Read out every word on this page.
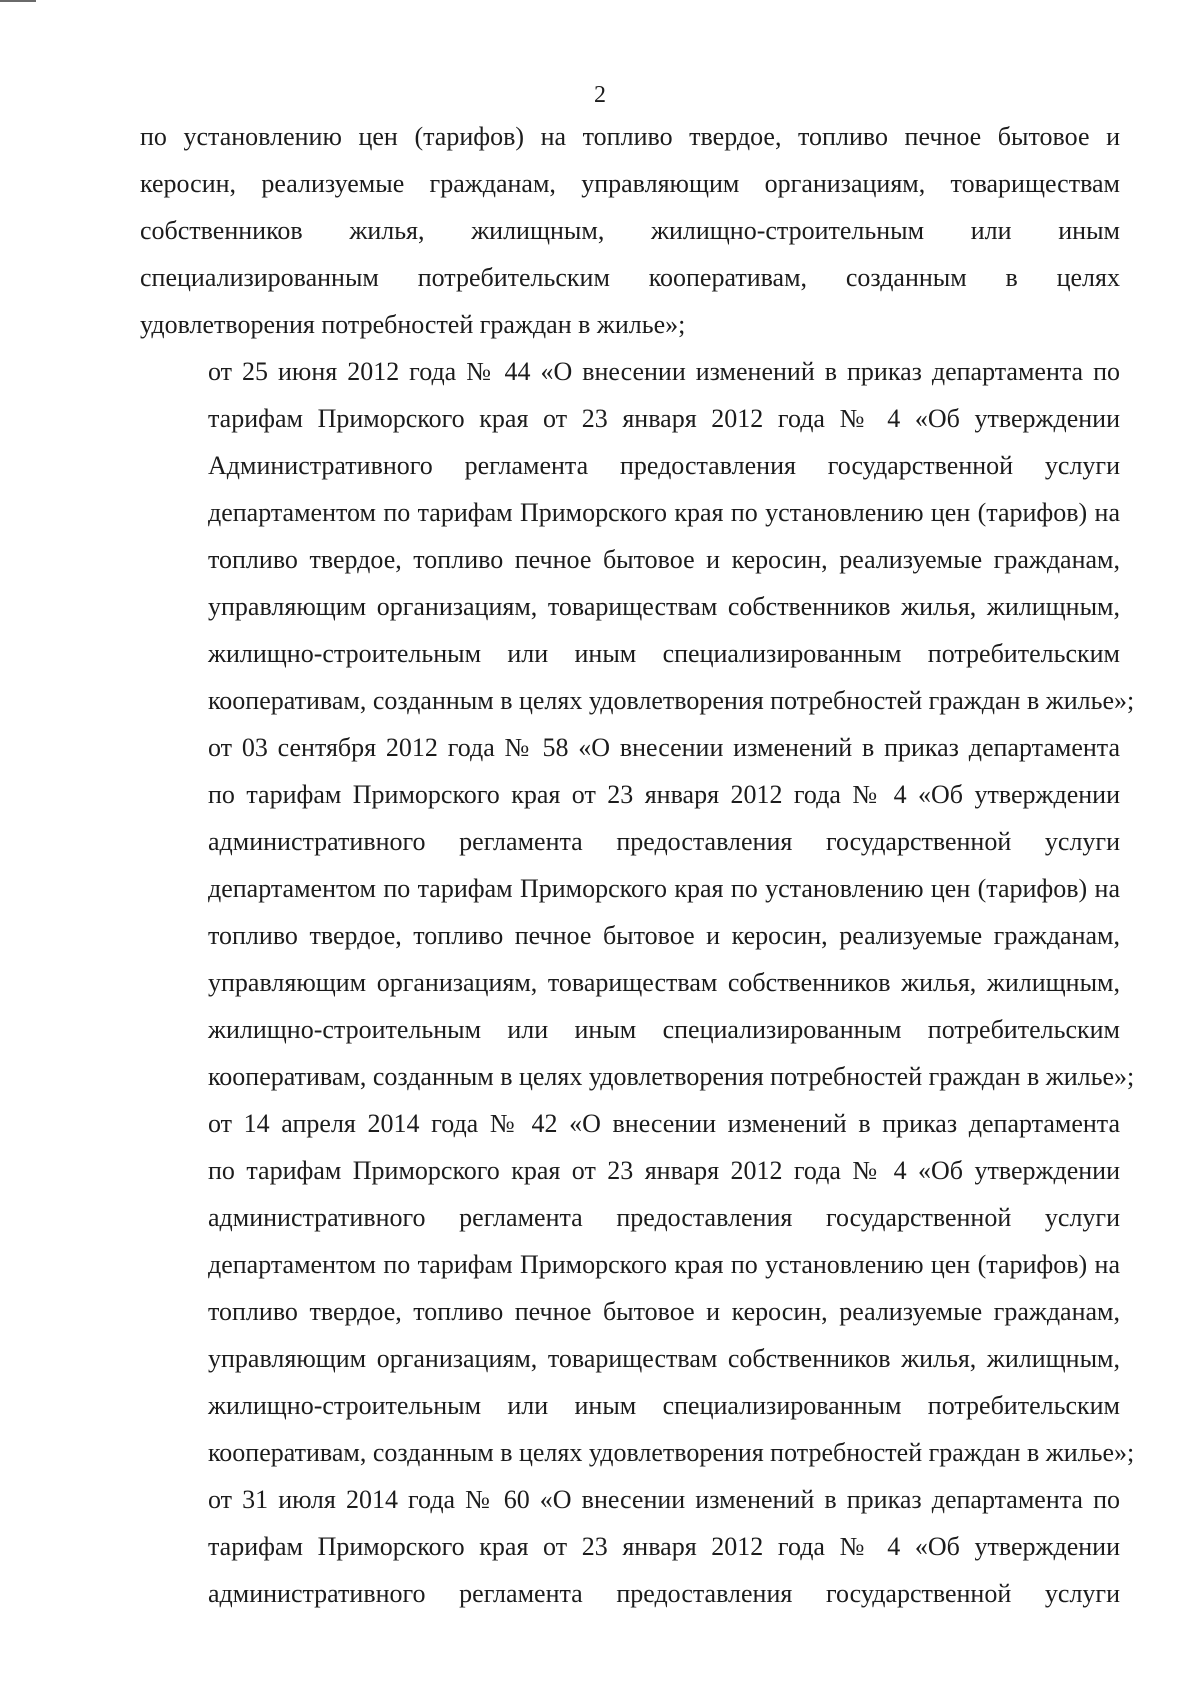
2
по установлению цен (тарифов) на топливо твердое, топливо печное бытовое и
керосин, реализуемые гражданам, управляющим организациям, товариществам
собственников жилья, жилищным, жилищно-строительным или иным
специализированным потребительским кооперативам, созданным в целях
удовлетворения потребностей граждан в жилье»;
от 25 июня 2012 года № 44 «О внесении изменений в приказ департамента по
тарифам Приморского края от 23 января 2012 года № 4 «Об утверждении
Административного регламента предоставления государственной услуги
департаментом по тарифам Приморского края по установлению цен (тарифов) на
топливо твердое, топливо печное бытовое и керосин, реализуемые гражданам,
управляющим организациям, товариществам собственников жилья, жилищным,
жилищно-строительным или иным специализированным потребительским
кооперативам, созданным в целях удовлетворения потребностей граждан в жилье»;
от 03 сентября 2012 года № 58 «О внесении изменений в приказ департамента
по тарифам Приморского края от 23 января 2012 года № 4 «Об утверждении
административного регламента предоставления государственной услуги
департаментом по тарифам Приморского края по установлению цен (тарифов) на
топливо твердое, топливо печное бытовое и керосин, реализуемые гражданам,
управляющим организациям, товариществам собственников жилья, жилищным,
жилищно-строительным или иным специализированным потребительским
кооперативам, созданным в целях удовлетворения потребностей граждан в жилье»;
от 14 апреля 2014 года № 42 «О внесении изменений в приказ департамента
по тарифам Приморского края от 23 января 2012 года № 4 «Об утверждении
административного регламента предоставления государственной услуги
департаментом по тарифам Приморского края по установлению цен (тарифов) на
топливо твердое, топливо печное бытовое и керосин, реализуемые гражданам,
управляющим организациям, товариществам собственников жилья, жилищным,
жилищно-строительным или иным специализированным потребительским
кооперативам, созданным в целях удовлетворения потребностей граждан в жилье»;
от 31 июля 2014 года № 60 «О внесении изменений в приказ департамента по
тарифам Приморского края от 23 января 2012 года № 4 «Об утверждении
административного регламента предоставления государственной услуги
